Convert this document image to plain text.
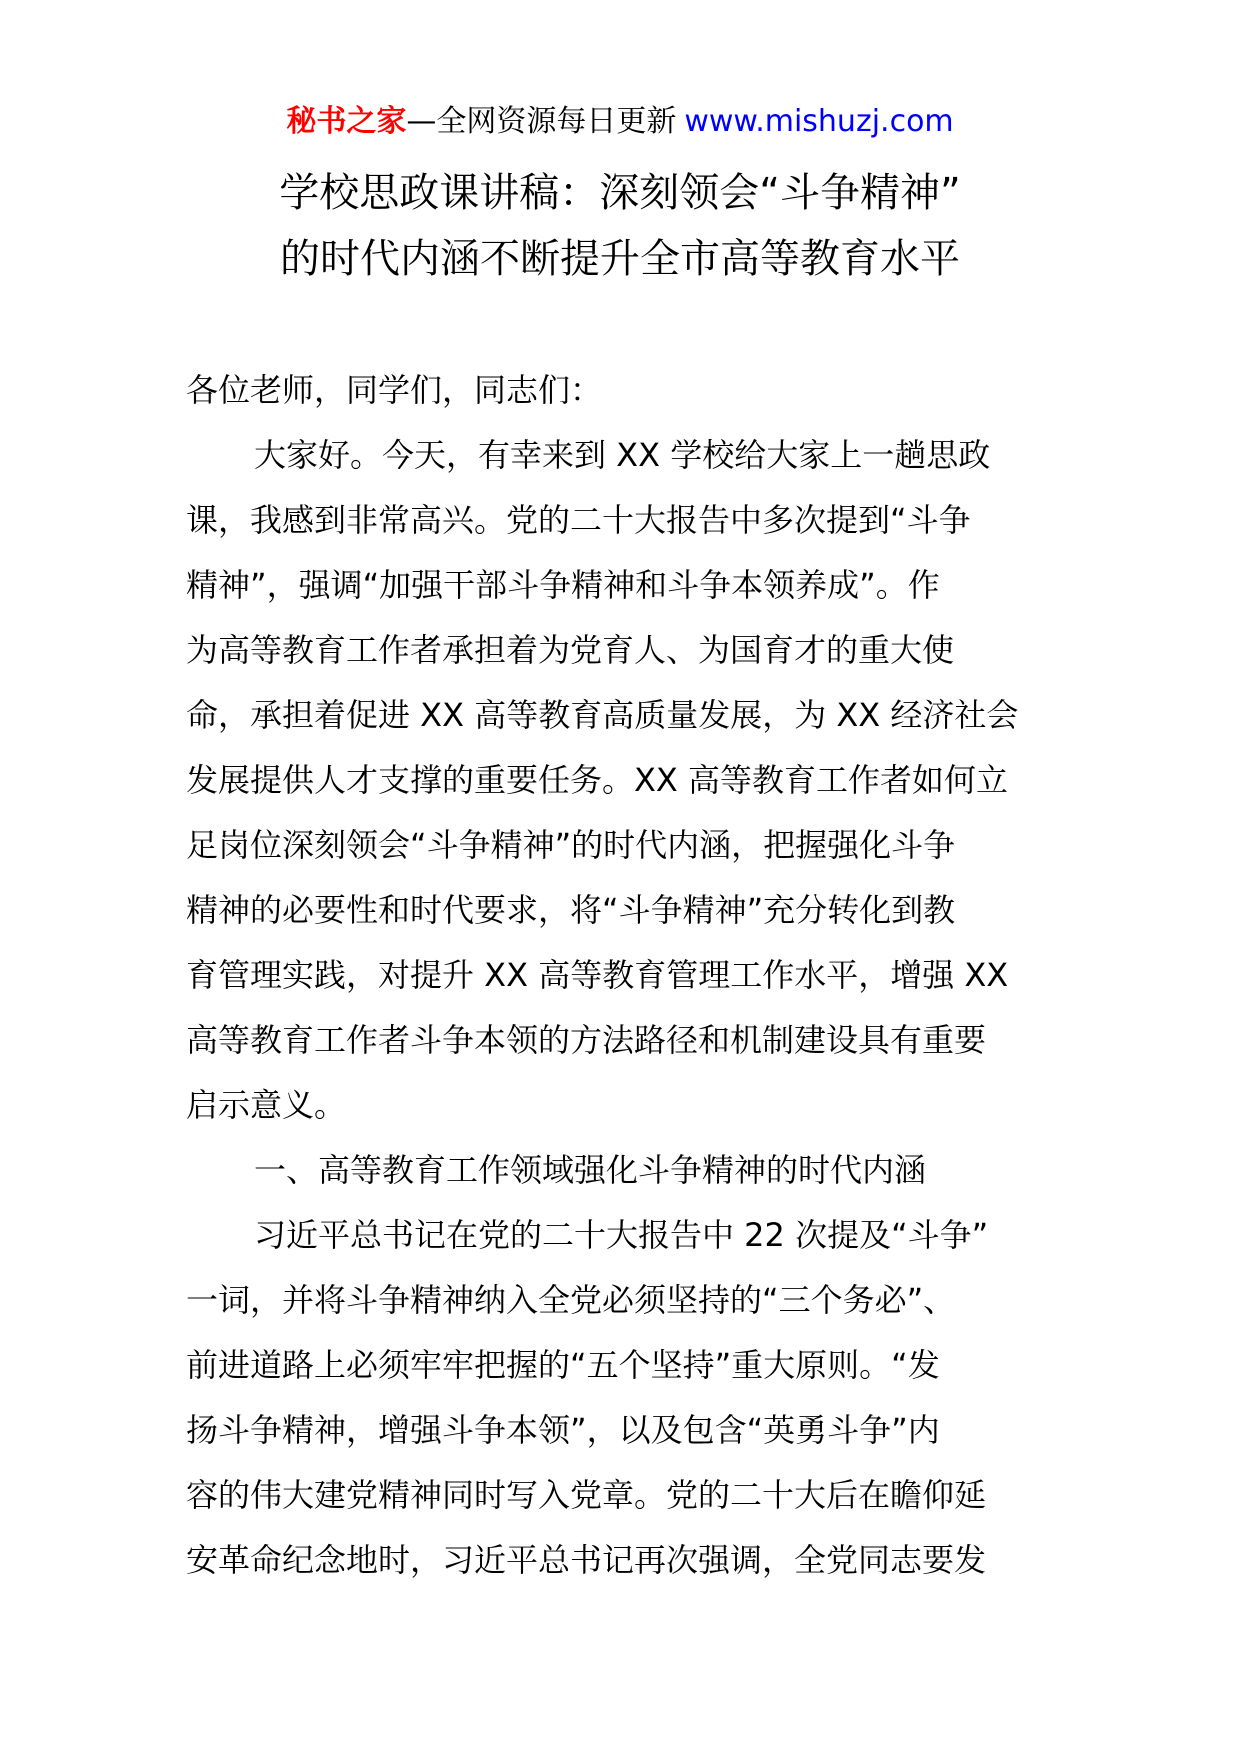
秘书之家—全网资源每日更新 www.mishuzj.com
学校思政课讲稿：深刻领会“斗争精神”
的时代内涵不断提升全市高等教育水平
各位老师，同学们，同志们：
大家好。今天，有幸来到 XX 学校给大家上一趟思政
课，我感到非常高兴。党的二十大报告中多次提到“斗争
精神”，强调“加强干部斗争精神和斗争本领养成”。作
为高等教育工作者承担着为党育人、为国育才的重大使
命，承担着促进 XX 高等教育高质量发展，为 XX 经济社会
发展提供人才支撑的重要任务。XX 高等教育工作者如何立
足岗位深刻领会“斗争精神”的时代内涵，把握强化斗争
精神的必要性和时代要求，将“斗争精神”充分转化到教
育管理实践，对提升 XX 高等教育管理工作水平，增强 XX
高等教育工作者斗争本领的方法路径和机制建设具有重要
启示意义。
一、高等教育工作领域强化斗争精神的时代内涵
习近平总书记在党的二十大报告中 22 次提及“斗争”
一词，并将斗争精神纳入全党必须坚持的“三个务必”、
前进道路上必须牢牢把握的“五个坚持”重大原则。“发
扬斗争精神，增强斗争本领”，以及包含“英勇斗争”内
容的伟大建党精神同时写入党章。党的二十大后在瞻仰延
安革命纪念地时，习近平总书记再次强调，全党同志要发
